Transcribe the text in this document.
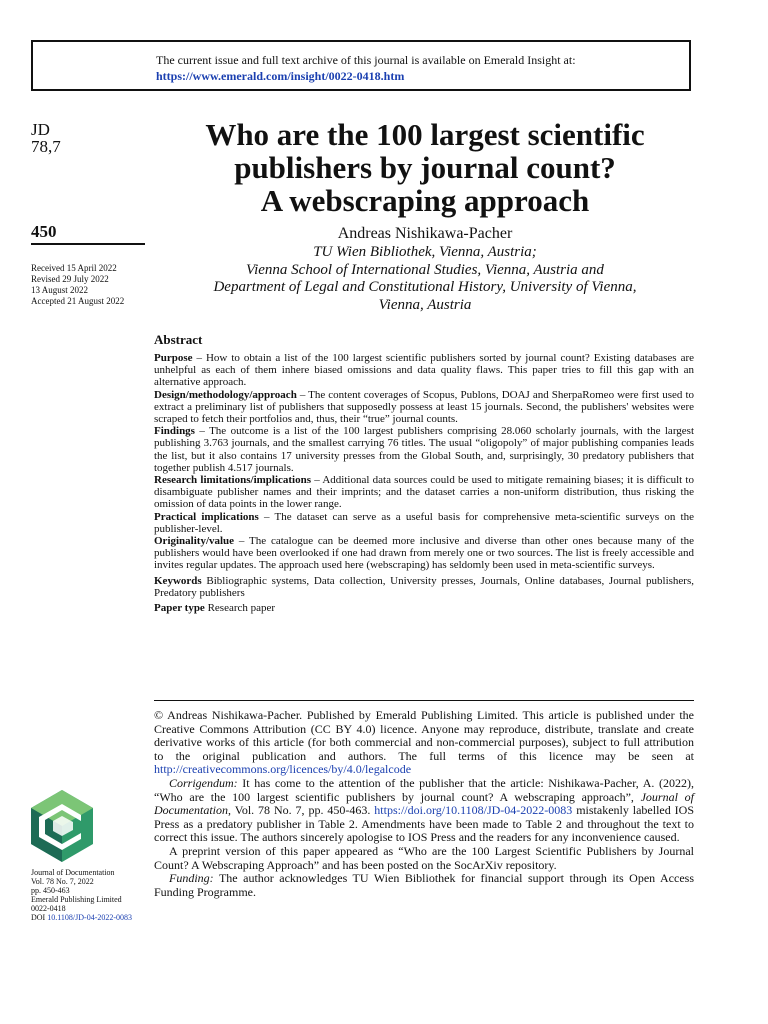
The current issue and full text archive of this journal is available on Emerald Insight at:
https://www.emerald.com/insight/0022-0418.htm
JD
78,7
450
Received 15 April 2022
Revised 29 July 2022
13 August 2022
Accepted 21 August 2022
Who are the 100 largest scientific
publishers by journal count?
A webscraping approach
Andreas Nishikawa-Pacher
TU Wien Bibliothek, Vienna, Austria;
Vienna School of International Studies, Vienna, Austria and
Department of Legal and Constitutional History, University of Vienna,
Vienna, Austria
Abstract

Purpose – How to obtain a list of the 100 largest scientific publishers sorted by journal count? Existing databases are unhelpful as each of them inhere biased omissions and data quality flaws. This paper tries to fill this gap with an alternative approach.

Design/methodology/approach – The content coverages of Scopus, Publons, DOAJ and SherpaRomeo were first used to extract a preliminary list of publishers that supposedly possess at least 15 journals. Second, the publishers' websites were scraped to fetch their portfolios and, thus, their “true” journal counts.

Findings – The outcome is a list of the 100 largest publishers comprising 28.060 scholarly journals, with the largest publishing 3.763 journals, and the smallest carrying 76 titles. The usual “oligopoly” of major publishing companies leads the list, but it also contains 17 university presses from the Global South, and, surprisingly, 30 predatory publishers that together publish 4.517 journals.

Research limitations/implications – Additional data sources could be used to mitigate remaining biases; it is difficult to disambiguate publisher names and their imprints; and the dataset carries a non-uniform distribution, thus risking the omission of data points in the lower range.

Practical implications – The dataset can serve as a useful basis for comprehensive meta-scientific surveys on the publisher-level.

Originality/value – The catalogue can be deemed more inclusive and diverse than other ones because many of the publishers would have been overlooked if one had drawn from merely one or two sources. The list is freely accessible and invites regular updates. The approach used here (webscraping) has seldomly been used in meta-scientific surveys.

Keywords Bibliographic systems, Data collection, University presses, Journals, Online databases, Journal publishers, Predatory publishers

Paper type Research paper

© Andreas Nishikawa-Pacher. Published by Emerald Publishing Limited. This article is published under the Creative Commons Attribution (CC BY 4.0) licence. Anyone may reproduce, distribute, translate and create derivative works of this article (for both commercial and non-commercial purposes), subject to full attribution to the original publication and authors. The full terms of this licence may be seen at http://creativecommons.org/licences/by/4.0/legalcode

Corrigendum: It has come to the attention of the publisher that the article: Nishikawa-Pacher, A. (2022), “Who are the 100 largest scientific publishers by journal count? A webscraping approach”, Journal of Documentation, Vol. 78 No. 7, pp. 450-463. https://doi.org/10.1108/JD-04-2022-0083 mistakenly labelled IOS Press as a predatory publisher in Table 2. Amendments have been made to Table 2 and throughout the text to correct this issue. The authors sincerely apologise to IOS Press and the readers for any inconvenience caused.

A preprint version of this paper appeared as “Who are the 100 Largest Scientific Publishers by Journal Count? A Webscraping Approach” and has been posted on the SocArXiv repository.

Funding: The author acknowledges TU Wien Bibliothek for financial support through its Open Access Funding Programme.

Journal of Documentation
Vol. 78 No. 7, 2022
pp. 450-463
Emerald Publishing Limited
0022-0418
DOI 10.1108/JD-04-2022-0083
